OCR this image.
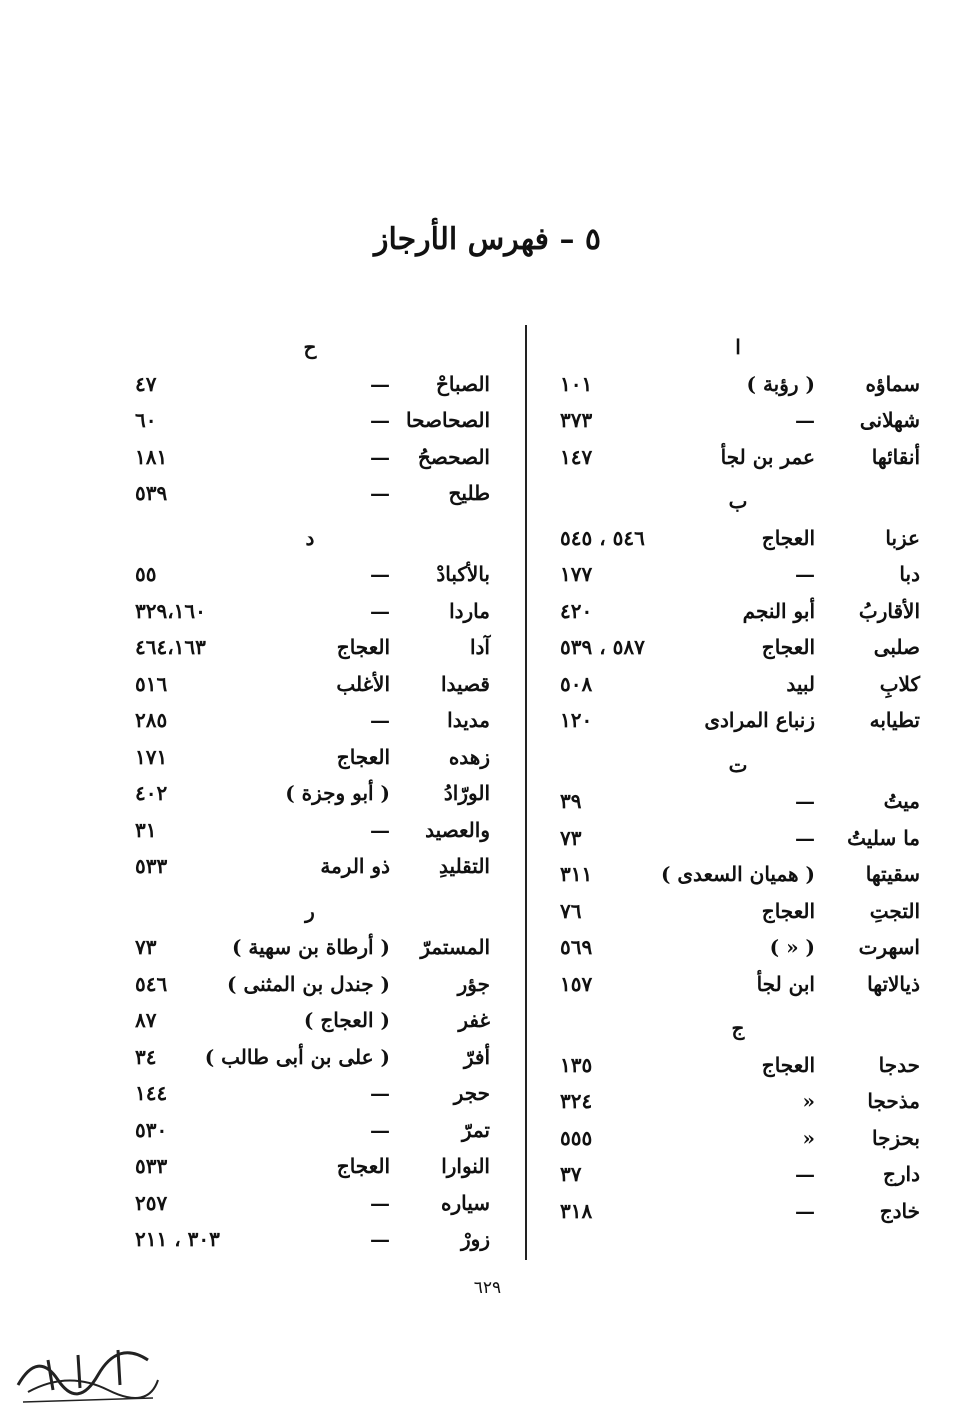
٥ – فهرس الأرجاز
ا
١٠١	( رؤبة )	سماؤه
٣٧٣	—	شهلانى
١٤٧	عمر بن لجأ	أنقائها
ب
٥٤٦ ، ٥٤٥	العجاج	عزبا
١٧٧	—	دبا
٤٢٠	أبو النجم	الأقاربُ
٥٨٧ ، ٥٣٩	العجاج	صلبى
٥٠٨	لبيد	كلابِ
١٢٠	زنباع المرادى	تطيابه
ت
٣٩	—	ميتُ
٧٣	—	ما سليتُ
٣١١	( هميان السعدى )	سقيتها
٧٦	العجاج	التجتِ
٥٦٩	( « )	اسهرت
١٥٧	ابن لجأ	ذيالاتها
ج
١٣٥	العجاج	حدجا
٣٢٤	«	مذحجا
٥٥٥	«	بحزجا
٣٧	—	دارج
٣١٨	—	خادج
ح
٤٧	—	الصباحْ
٦٠	— الصحاصحا
١٨١	—	الصحصحُ
٥٣٩	—	طليح
د
٥٥	—	بالأكبادْ
٣٢٩،١٦٠	—	ماردا
٤٦٤،١٦٣	العجاج	آدا
٥١٦	الأغلب	قصيدا
٢٨٥	—	مديدا
١٧١	العجاج	زهده
٤٠٢	( أبو وجزة )	الورّادُ
٣١	—	والعصيد
٥٣٣	ذو الرمة	التقليدِ
ر
٧٣	( أرطاة بن سهية )	المستمرّ
٥٤٦	( جندل بن المثنى )	جؤر
٨٧	( العجاج )	غفر
٣٤	( على بن أبى طالب )	أفرّ
١٤٤	—	حجر
٥٣٠	—	تمرّ
٥٣٣	العجاج	النوارا
٢٥٧	—	سياره
٣٠٣ ، ٢١١	—	زورْ
٦٢٩
